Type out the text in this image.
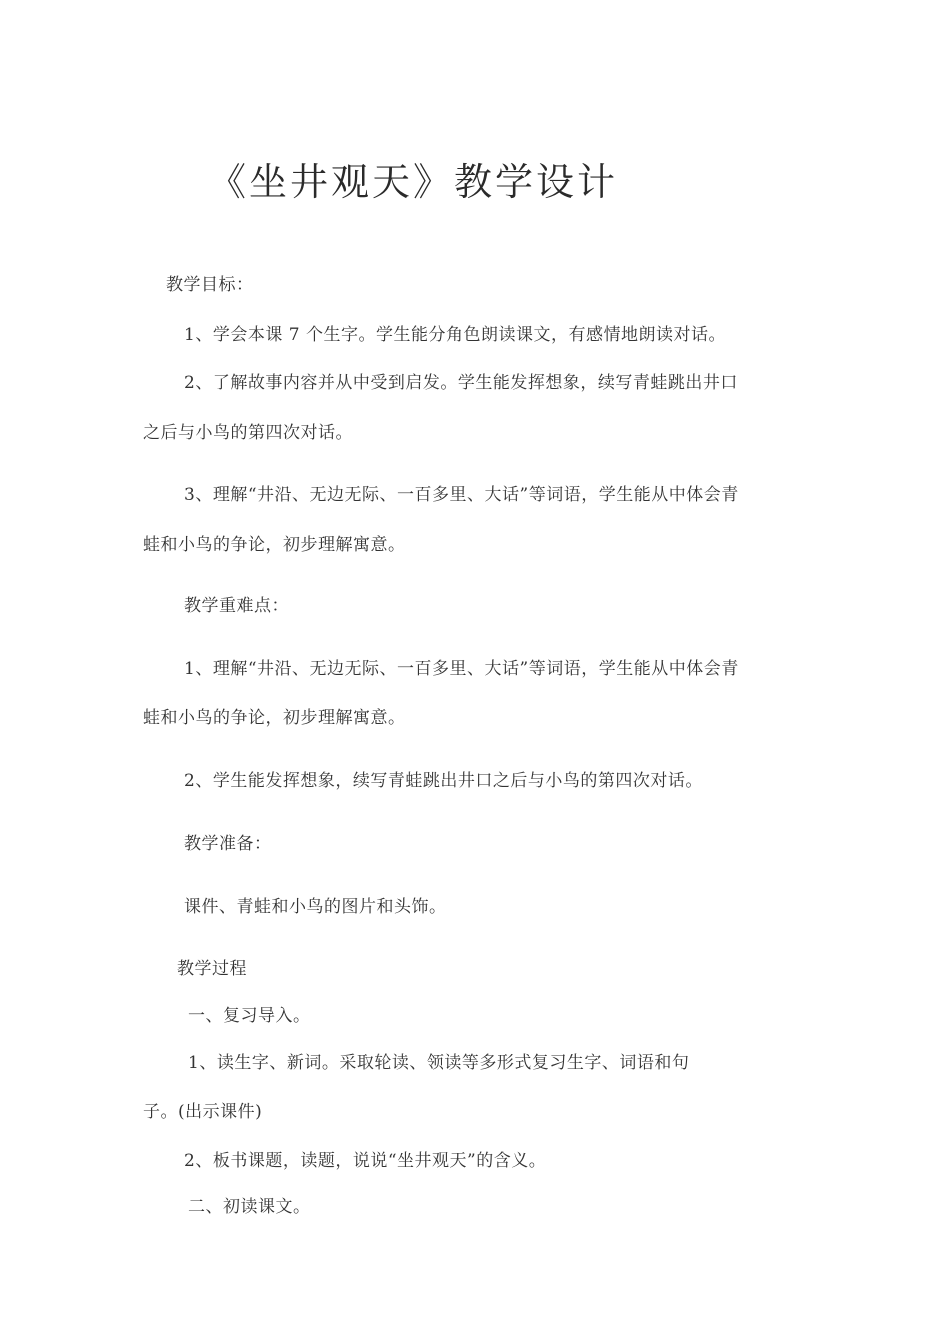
《坐井观天》教学设计
教学目标：
1、学会本课 7 个生字。学生能分角色朗读课文，有感情地朗读对话。
2、了解故事内容并从中受到启发。学生能发挥想象，续写青蛙跳出井口
之后与小鸟的第四次对话。
3、理解“井沿、无边无际、一百多里、大话”等词语，学生能从中体会青
蛙和小鸟的争论，初步理解寓意。
教学重难点：
1、理解“井沿、无边无际、一百多里、大话”等词语，学生能从中体会青
蛙和小鸟的争论，初步理解寓意。
2、学生能发挥想象，续写青蛙跳出井口之后与小鸟的第四次对话。
教学准备：
课件、青蛙和小鸟的图片和头饰。
教学过程
一、复习导入。
1、读生字、新词。采取轮读、领读等多形式复习生字、词语和句
子。(出示课件)
2、板书课题，读题，说说“坐井观天”的含义。
二、初读课文。
